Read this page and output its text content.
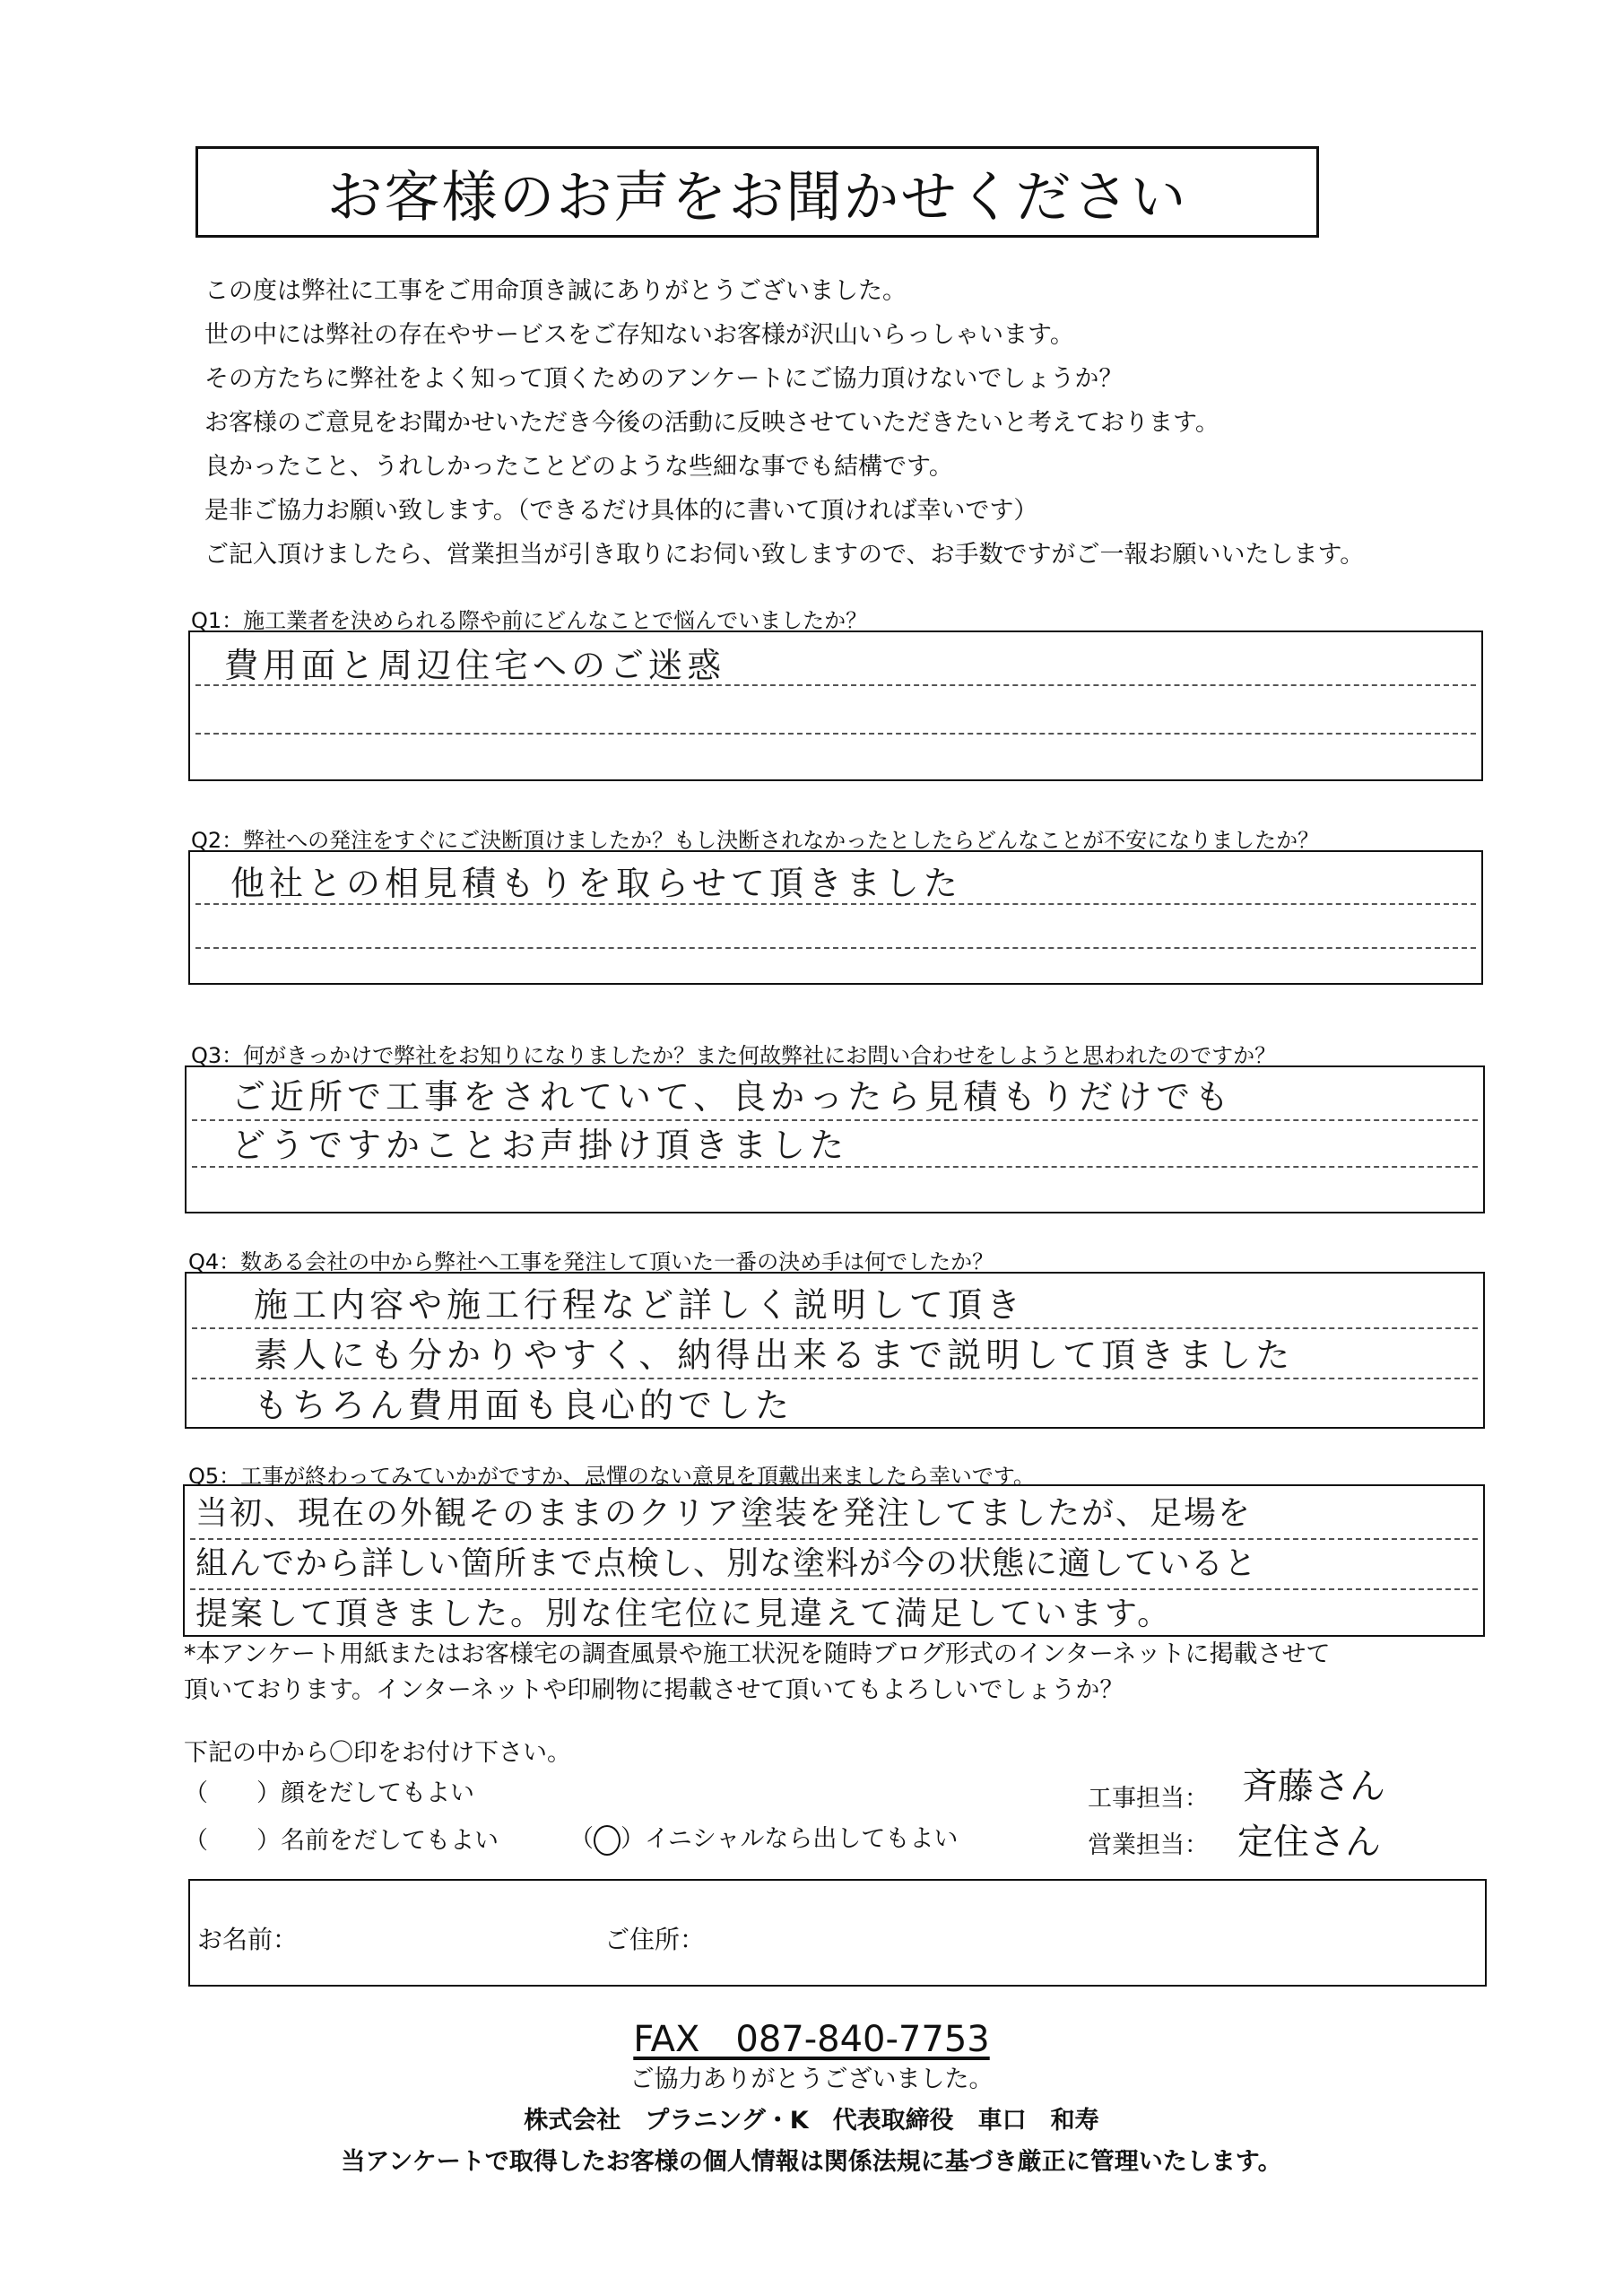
お客様のお声をお聞かせください
この度は弊社に工事をご用命頂き誠にありがとうございました。
世の中には弊社の存在やサービスをご存知ないお客様が沢山いらっしゃいます。
その方たちに弊社をよく知って頂くためのアンケートにご協力頂けないでしょうか？
お客様のご意見をお聞かせいただき今後の活動に反映させていただきたいと考えております。
良かったこと、うれしかったことどのような些細な事でも結構です。
是非ご協力お願い致します。（できるだけ具体的に書いて頂ければ幸いです）
ご記入頂けましたら、営業担当が引き取りにお伺い致しますので、お手数ですがご一報お願いいたします。
Q1：施工業者を決められる際や前にどんなことで悩んでいましたか？
費用面と周辺住宅へのご迷惑
Q2：弊社への発注をすぐにご決断頂けましたか？もし決断されなかったとしたらどんなことが不安になりましたか？
他社との相見積もりを取らせて頂きました
Q3：何がきっかけで弊社をお知りになりましたか？また何故弊社にお問い合わせをしようと思われたのですか？
ご近所で工事をされていて、良かったら見積もりだけでも
どうですかことお声掛け頂きました
Q4：数ある会社の中から弊社へ工事を発注して頂いた一番の決め手は何でしたか？
施工内容や施工行程など詳しく説明して頂き
素人にも分かりやすく、納得出来るまで説明して頂きました
もちろん費用面も良心的でした
Q5：工事が終わってみていかがですか、忌憚のない意見を頂戴出来ましたら幸いです。
当初、現在の外観そのままのクリア塗装を発注してましたが、足場を
組んでから詳しい箇所まで点検し、別な塗料が今の状態に適していると
提案して頂きました。別な住宅位に見違えて満足しています。
*本アンケート用紙またはお客様宅の調査風景や施工状況を随時ブログ形式のインターネットに掲載させて
頂いております。インターネットや印刷物に掲載させて頂いてもよろしいでしょうか？
下記の中から〇印をお付け下さい。
（　　）顔をだしてもよい
（　　）名前をだしてもよい	（ ）イニシャルなら出してもよい
工事担当： 斉藤さん
営業担当： 定住さん
お名前：	ご住所：
FAX　087-840-7753
ご協力ありがとうございました。
株式会社　プラニング・K　代表取締役　車口　和寿
当アンケートで取得したお客様の個人情報は関係法規に基づき厳正に管理いたします。
